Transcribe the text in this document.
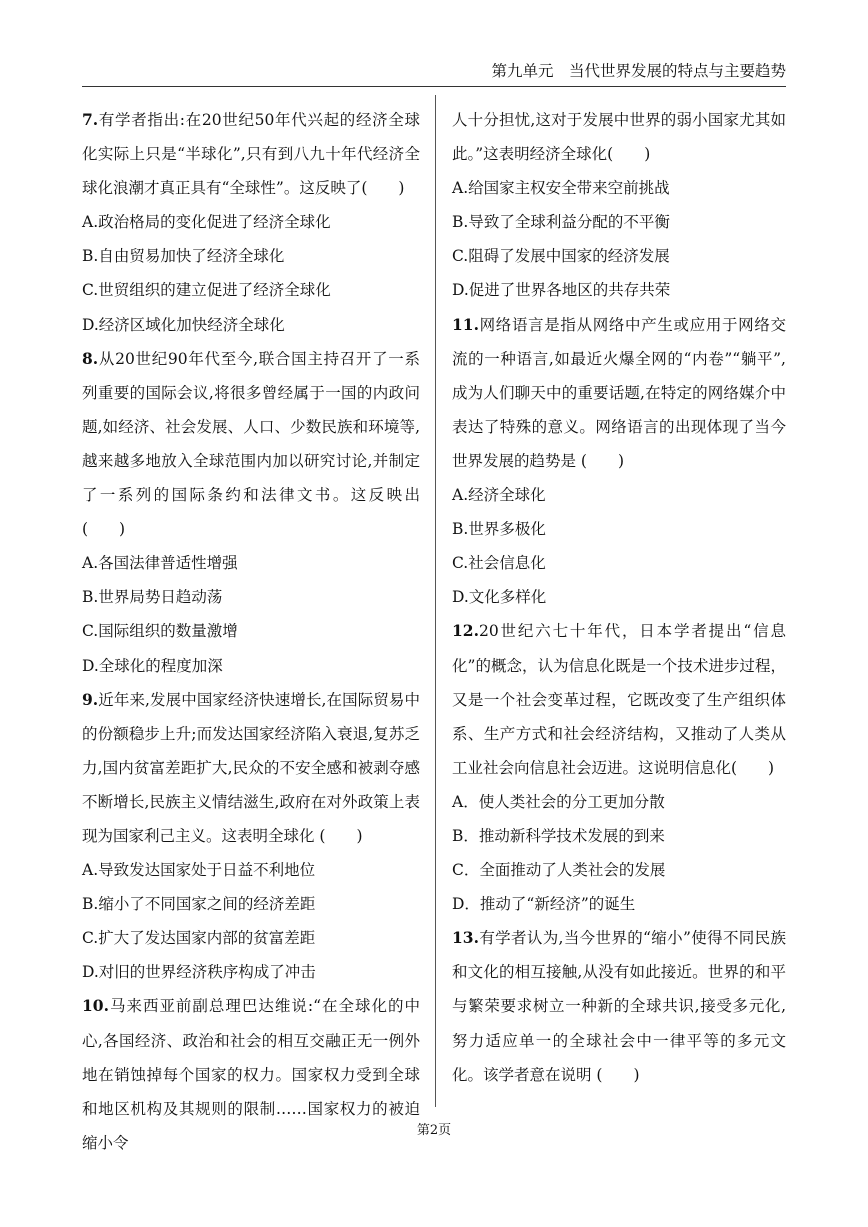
第九单元　当代世界发展的特点与主要趋势

7.有学者指出:在20世纪50年代兴起的经济全球化实际上只是“半球化”,只有到八九十年代经济全球化浪潮才真正具有“全球性”。这反映了(　　)

A.政治格局的变化促进了经济全球化

B.自由贸易加快了经济全球化

C.世贸组织的建立促进了经济全球化

D.经济区域化加快经济全球化

8.从20世纪90年代至今,联合国主持召开了一系列重要的国际会议,将很多曾经属于一国的内政问题,如经济、社会发展、人口、少数民族和环境等,越来越多地放入全球范围内加以研究讨论,并制定了一系列的国际条约和法律文书。这反映出 (　　)

A.各国法律普适性增强

B.世界局势日趋动荡

C.国际组织的数量激增

D.全球化的程度加深

9.近年来,发展中国家经济快速增长,在国际贸易中的份额稳步上升;而发达国家经济陷入衰退,复苏乏力,国内贫富差距扩大,民众的不安全感和被剥夺感不断增长,民族主义情结滋生,政府在对外政策上表现为国家利己主义。这表明全球化 (　　)

A.导致发达国家处于日益不利地位

B.缩小了不同国家之间的经济差距

C.扩大了发达国家内部的贫富差距

D.对旧的世界经济秩序构成了冲击

10.马来西亚前副总理巴达维说:“在全球化的中心,各国经济、政治和社会的相互交融正无一例外地在销蚀掉每个国家的权力。国家权力受到全球和地区机构及其规则的限制……国家权力的被迫缩小令

人十分担忧,这对于发展中世界的弱小国家尤其如此。”这表明经济全球化(　　)

A.给国家主权安全带来空前挑战

B.导致了全球利益分配的不平衡

C.阻碍了发展中国家的经济发展

D.促进了世界各地区的共存共荣

11.网络语言是指从网络中产生或应用于网络交流的一种语言,如最近火爆全网的“内卷”“躺平”,成为人们聊天中的重要话题,在特定的网络媒介中表达了特殊的意义。网络语言的出现体现了当今世界发展的趋势是 (　　)

A.经济全球化

B.世界多极化

C.社会信息化

D.文化多样化

12.20世纪六七十年代，日本学者提出“信息化”的概念，认为信息化既是一个技术进步过程，又是一个社会变革过程，它既改变了生产组织体系、生产方式和社会经济结构，又推动了人类从工业社会向信息社会迈进。这说明信息化(　　)

A．使人类社会的分工更加分散

B．推动新科学技术发展的到来

C．全面推动了人类社会的发展

D．推动了“新经济”的诞生

13.有学者认为,当今世界的“缩小”使得不同民族和文化的相互接触,从没有如此接近。世界的和平与繁荣要求树立一种新的全球共识,接受多元化,努力适应单一的全球社会中一律平等的多元文化。该学者意在说明 (　　)

第2页
